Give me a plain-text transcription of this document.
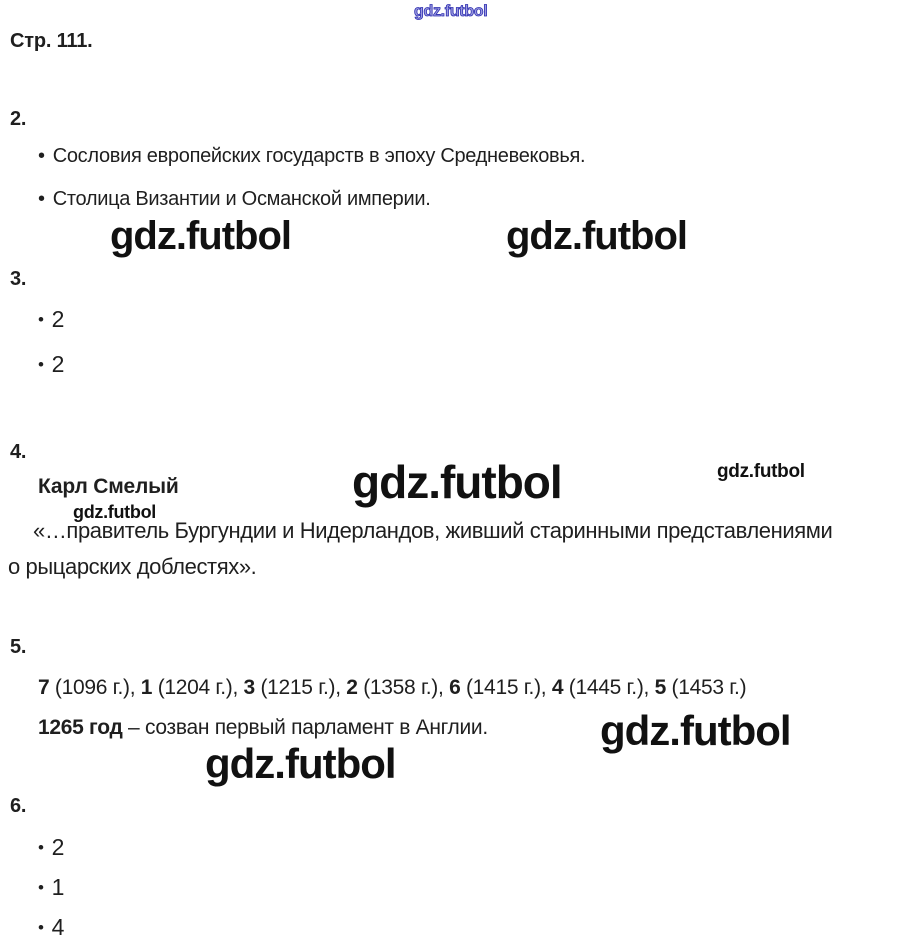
gdz.futbol
Стр. 111.
2.
• Сословия европейских государств в эпоху Средневековья.
• Столица Византии и Османской империи.
gdz.futbol	gdz.futbol
3.
• 2
• 2
4.
Карл Смелый	gdz.futbol	gdz.futbol
gdz.futbol
«…правитель Бургундии и Нидерландов, живший старинными представлениями
о рыцарских доблестях».
5.
7 (1096 г.), 1 (1204 г.), 3 (1215 г.), 2 (1358 г.), 6 (1415 г.), 4 (1445 г.), 5 (1453 г.)
1265 год – созван первый парламент в Англии.	gdz.futbol
gdz.futbol
6.
• 2
• 1
• 4
